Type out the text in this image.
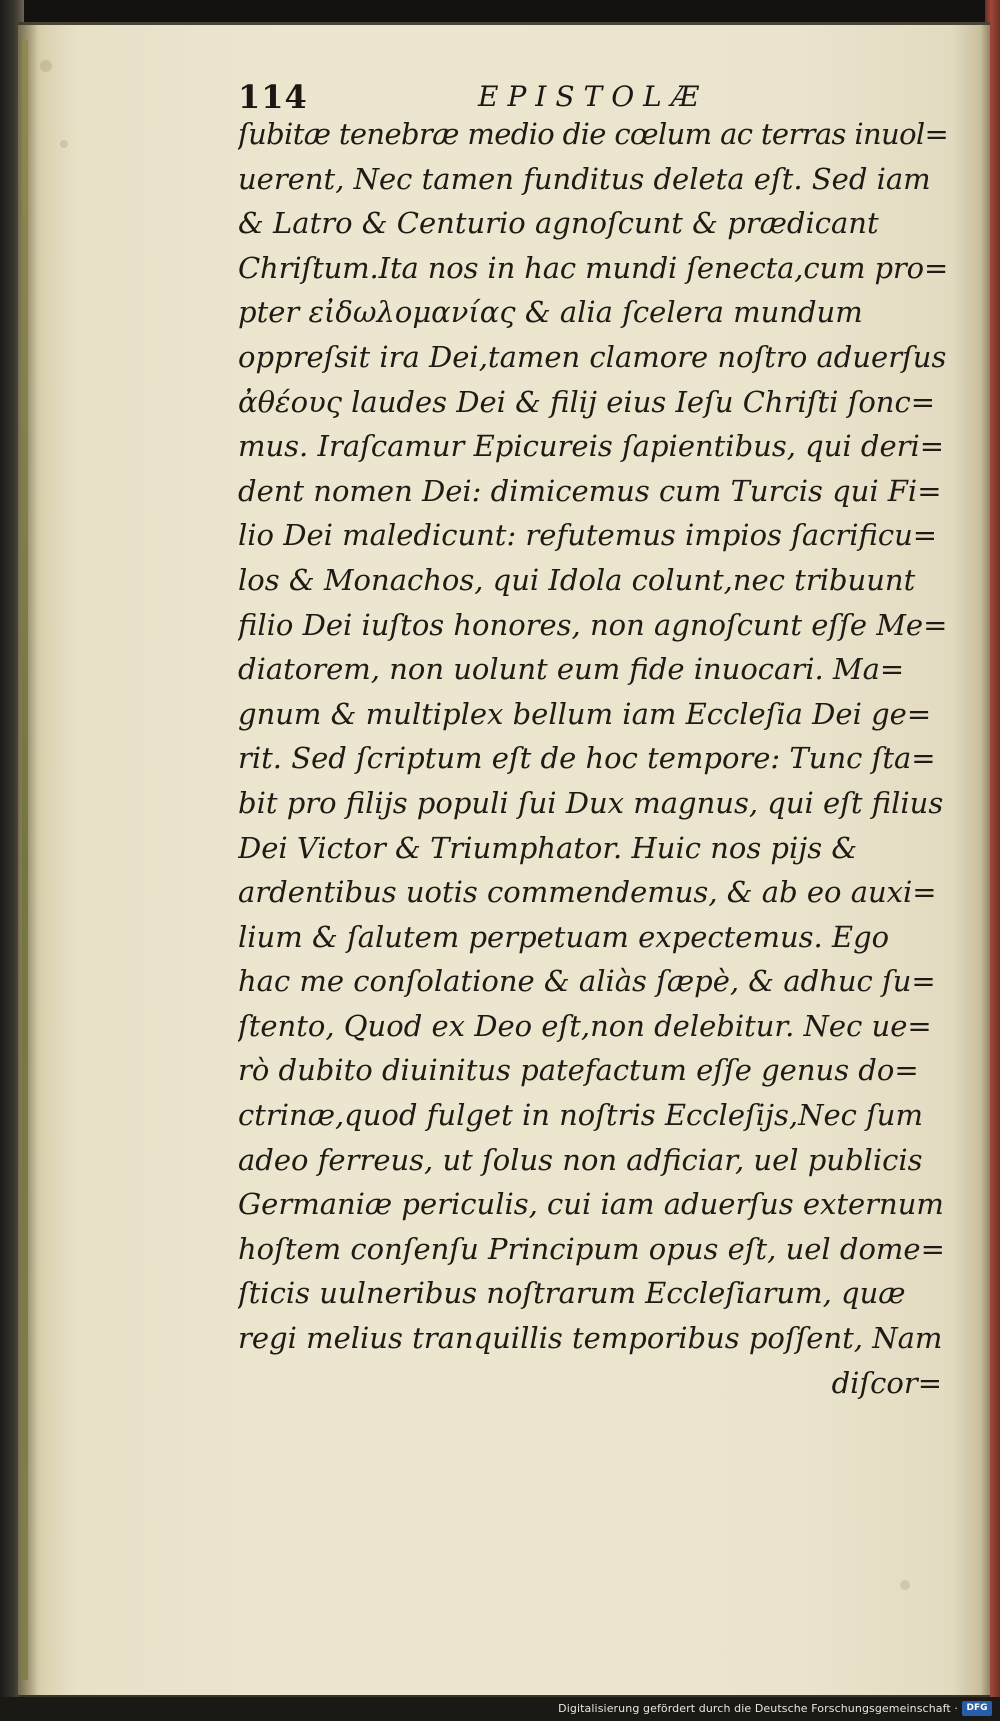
114	EPISTOLÆ
ſubitæ tenebræ medio die cœlum ac terras inuol=
uerent, Nec tamen funditus deleta eſt. Sed iam
& Latro & Centurio agnoſcunt & prædicant
Chriſtum.Ita nos in hac mundi ſenecta,cum pro=
pter εἰδωλομανίας & alia ſcelera mundum
oppreſsit ira Dei,tamen clamore noſtro aduerſus
ἀθέους laudes Dei & filij eius Ieſu Chriſti ſonc=
mus. Iraſcamur Epicureis ſapientibus, qui deri=
dent nomen Dei: dimicemus cum Turcis qui Fi=
lio Dei maledicunt: refutemus impios ſacrificu=
los & Monachos, qui Idola colunt,nec tribuunt
filio Dei iuſtos honores, non agnoſcunt eſſe Me=
diatorem, non uolunt eum fide inuocari. Ma=
gnum & multiplex bellum iam Eccleſia Dei ge=
rit. Sed ſcriptum eſt de hoc tempore: Tunc ſta=
bit pro filijs populi ſui Dux magnus, qui eſt filius
Dei Victor & Triumphator. Huic nos pijs &
ardentibus uotis commendemus, & ab eo auxi=
lium & ſalutem perpetuam expectemus. Ego
hac me conſolatione & aliàs ſæpè, & adhuc ſu=
ſtento, Quod ex Deo eſt,non delebitur. Nec ue=
rò dubito diuinitus patefactum eſſe genus do=
ctrinæ,quod fulget in noſtris Eccleſijs,Nec ſum
adeo ferreus, ut ſolus non adficiar, uel publicis
Germaniæ periculis, cui iam aduerſus externum
hoſtem conſenſu Principum opus eſt, uel dome=
ſticis uulneribus noſtrarum Eccleſiarum, quæ
regi melius tranquillis temporibus poſſent, Nam
diſcor=
Digitalisierung gefördert durch die Deutsche Forschungsgemeinschaft · DFG
